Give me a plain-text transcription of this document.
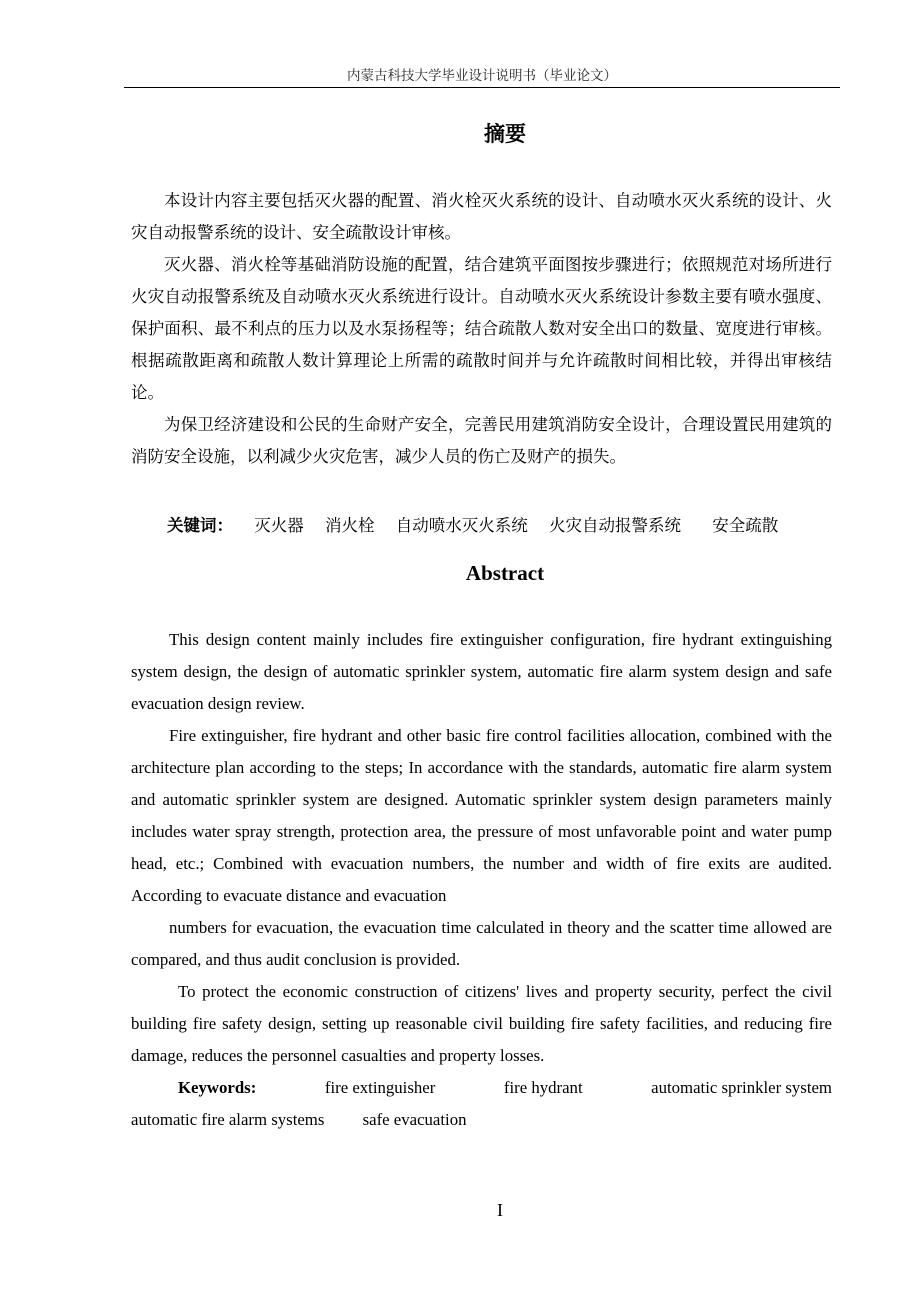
内蒙古科技大学毕业设计说明书（毕业论文）
摘要

本设计内容主要包括灭火器的配置、消火栓灭火系统的设计、自动喷水灭火系统的设计、火灾自动报警系统的设计、安全疏散设计审核。

灭火器、消火栓等基础消防设施的配置，结合建筑平面图按步骤进行；依照规范对场所进行火灾自动报警系统及自动喷水灭火系统进行设计。自动喷水灭火系统设计参数主要有喷水强度、保护面积、最不利点的压力以及水泵扬程等；结合疏散人数对安全出口的数量、宽度进行审核。根据疏散距离和疏散人数计算理论上所需的疏散时间并与允许疏散时间相比较，并得出审核结论。

为保卫经济建设和公民的生命财产安全，完善民用建筑消防安全设计，合理设置民用建筑的消防安全设施，以利减少火灾危害，减少人员的伤亡及财产的损失。

关键词： 灭火器 消火栓 自动喷水灭火系统 火灾自动报警系统 安全疏散
Abstract

This design content mainly includes fire extinguisher configuration, fire hydrant extinguishing system design, the design of automatic sprinkler system, automatic fire alarm system design and safe evacuation design review.

Fire extinguisher, fire hydrant and other basic fire control facilities allocation, combined with the architecture plan according to the steps; In accordance with the standards, automatic fire alarm system and automatic sprinkler system are designed. Automatic sprinkler system design parameters mainly includes water spray strength, protection area, the pressure of most unfavorable point and water pump head, etc.; Combined with evacuation numbers, the number and width of fire exits are audited. According to evacuate distance and evacuation

numbers for evacuation, the evacuation time calculated in theory and the scatter time allowed are compared, and thus audit conclusion is provided.

To protect the economic construction of citizens' lives and property security, perfect the civil building fire safety design, setting up reasonable civil building fire safety facilities, and reducing fire damage, reduces the personnel casualties and property losses.

Keywords:	fire extinguisher	fire hydrant	automatic sprinkler system
automatic fire alarm systems safe evacuation
I
